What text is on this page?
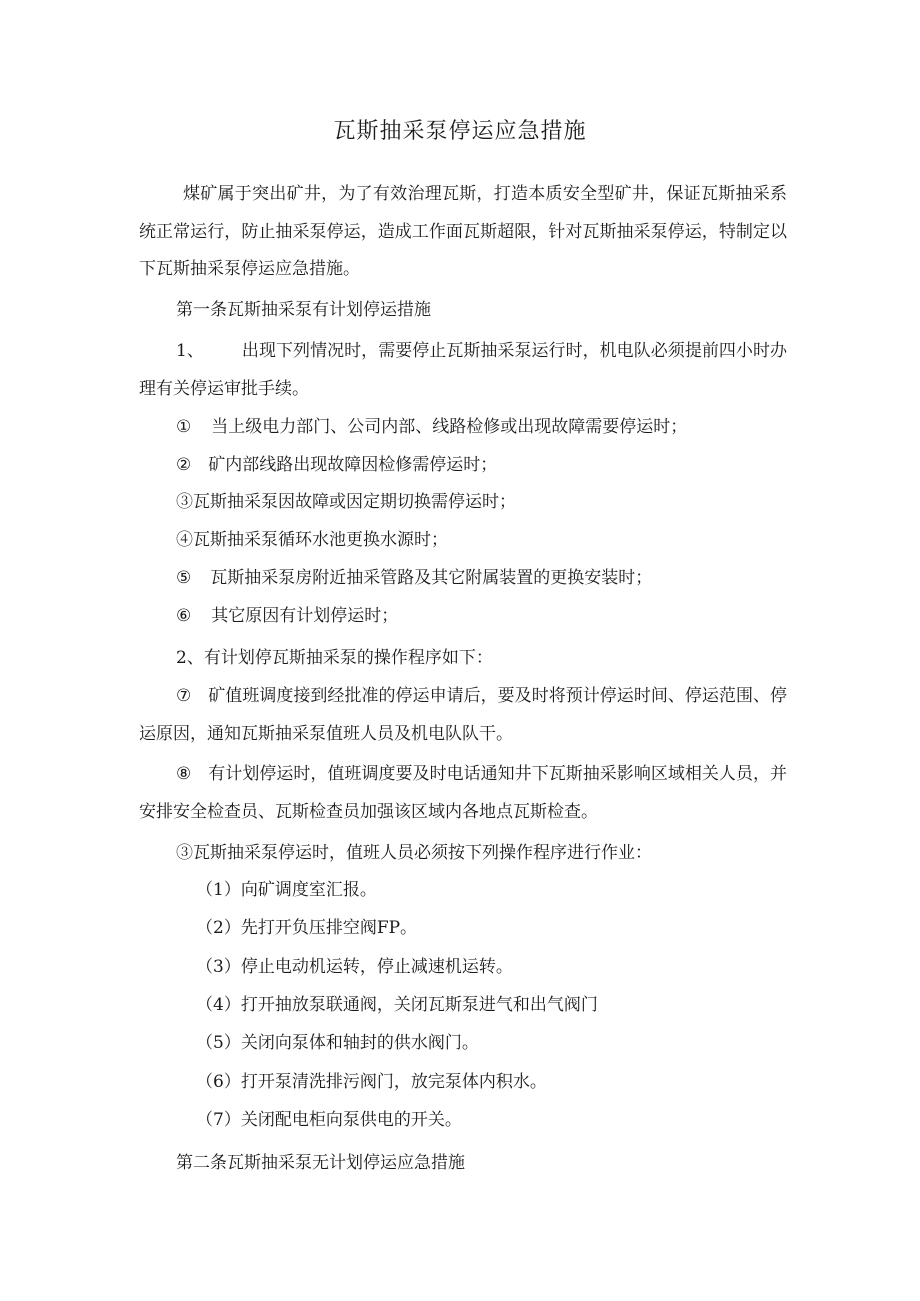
瓦斯抽采泵停运应急措施

煤矿属于突出矿井，为了有效治理瓦斯，打造本质安全型矿井，保证瓦斯抽采系统正常运行，防止抽采泵停运，造成工作面瓦斯超限，针对瓦斯抽采泵停运，特制定以下瓦斯抽采泵停运应急措施。

第一条瓦斯抽采泵有计划停运措施

1、 出现下列情况时，需要停止瓦斯抽采泵运行时，机电队必须提前四小时办理有关停运审批手续。

① 当上级电力部门、公司内部、线路检修或出现故障需要停运时；

② 矿内部线路出现故障因检修需停运时；

③瓦斯抽采泵因故障或因定期切换需停运时；

④瓦斯抽采泵循环水池更换水源时；

⑤ 瓦斯抽采泵房附近抽采管路及其它附属装置的更换安装时；

⑥ 其它原因有计划停运时；

2、有计划停瓦斯抽采泵的操作程序如下：

⑦ 矿值班调度接到经批准的停运申请后，要及时将预计停运时间、停运范围、停运原因，通知瓦斯抽采泵值班人员及机电队队干。

⑧ 有计划停运时，值班调度要及时电话通知井下瓦斯抽采影响区域相关人员，并安排安全检查员、瓦斯检查员加强该区域内各地点瓦斯检查。

③瓦斯抽采泵停运时，值班人员必须按下列操作程序进行作业：

（1）向矿调度室汇报。

（2）先打开负压排空阀FP。

（3）停止电动机运转，停止减速机运转。

（4）打开抽放泵联通阀，关闭瓦斯泵进气和出气阀门

（5）关闭向泵体和轴封的供水阀门。

（6）打开泵清洗排污阀门，放完泵体内积水。

（7）关闭配电柜向泵供电的开关。

第二条瓦斯抽采泵无计划停运应急措施
